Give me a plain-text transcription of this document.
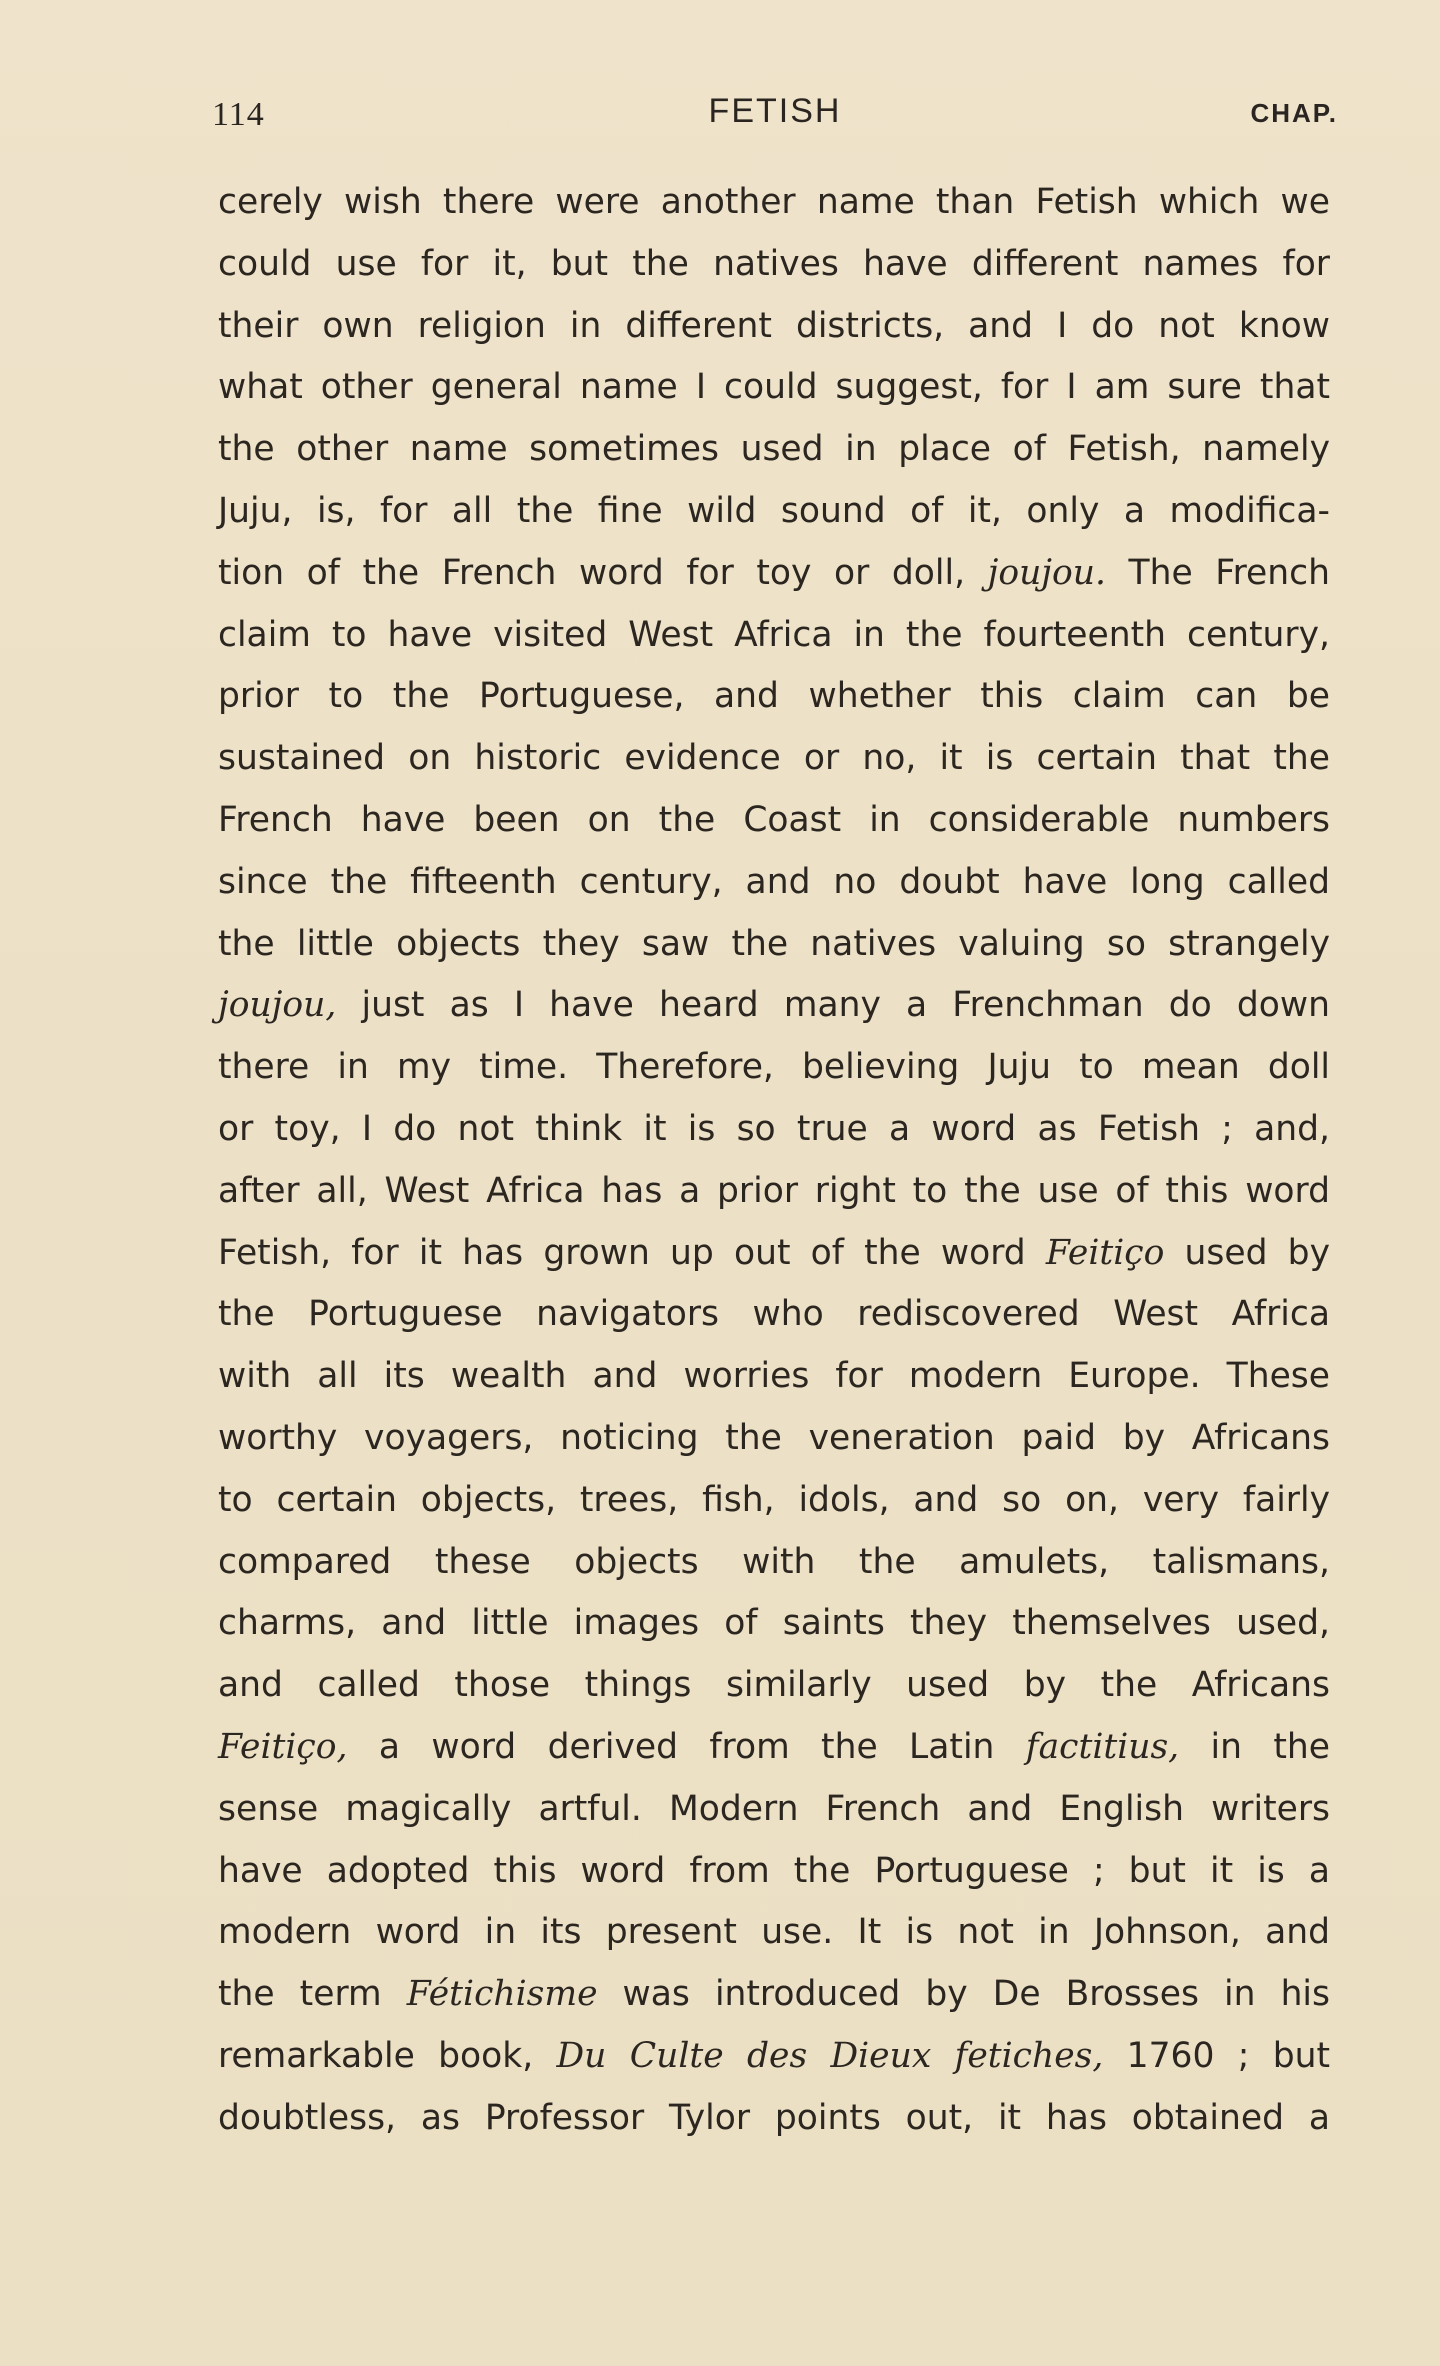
114	FETISH	CHAP.
cerely wish there were another name than Fetish which we
could use for it, but the natives have different names for
their own religion in different districts, and I do not know
what other general name I could suggest, for I am sure that
the other name sometimes used in place of Fetish, namely
Juju, is, for all the fine wild sound of it, only a modifica-
tion of the French word for toy or doll, joujou. The French
claim to have visited West Africa in the fourteenth century,
prior to the Portuguese, and whether this claim can be
sustained on historic evidence or no, it is certain that the
French have been on the Coast in considerable numbers
since the fifteenth century, and no doubt have long called
the little objects they saw the natives valuing so strangely
joujou, just as I have heard many a Frenchman do down
there in my time. Therefore, believing Juju to mean doll
or toy, I do not think it is so true a word as Fetish ; and,
after all, West Africa has a prior right to the use of this word
Fetish, for it has grown up out of the word Feitiço used by
the Portuguese navigators who rediscovered West Africa
with all its wealth and worries for modern Europe. These
worthy voyagers, noticing the veneration paid by Africans
to certain objects, trees, fish, idols, and so on, very fairly
compared these objects with the amulets, talismans,
charms, and little images of saints they themselves used,
and called those things similarly used by the Africans
Feitiço, a word derived from the Latin factitius, in the
sense magically artful. Modern French and English writers
have adopted this word from the Portuguese ; but it is a
modern word in its present use. It is not in Johnson, and
the term Fétichisme was introduced by De Brosses in his
remarkable book, Du Culte des Dieux fetiches, 1760 ; but
doubtless, as Professor Tylor points out, it has obtained a
